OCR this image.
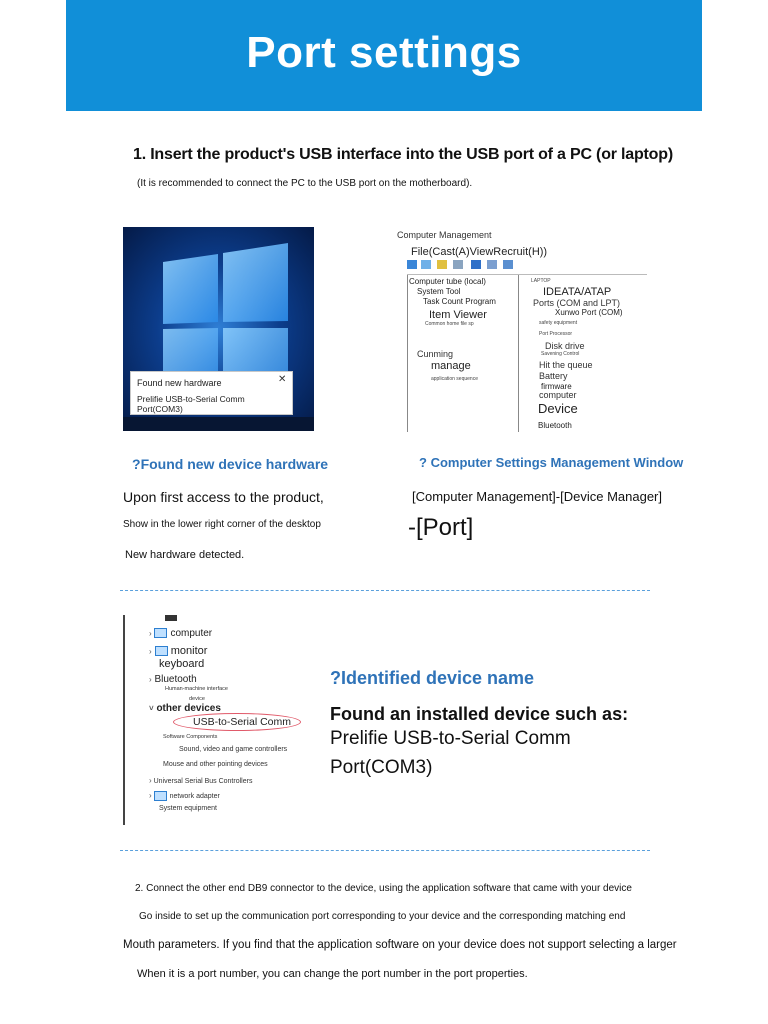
Port settings
1. Insert the product's USB interface into the USB port of a PC (or laptop)
(It is recommended to connect the PC to the USB port on the motherboard).
Found new hardware
Prelifie USB-to-Serial Comm Port(COM3)
✕
Computer Management
File(Cast(A)ViewRecruit(H))
Computer tube (local)
System Tool
Task Count Program
Item Viewer
Common home file sp
Cunming
manage
application sequence
LAPTOP
IDEATA/ATAP
Ports (COM and LPT)
Xunwo Port (COM)
safety equipment
Port Processor
Disk drive
Savening Control
Hit the queue
Battery
firmware
computer
Device
Bluetooth
?Found new device hardware
Upon first access to the product,
Show in the lower right corner of the desktop
New hardware detected.
? Computer Settings Management Window
[Computer Management]-[Device Manager]
-[Port]
› computer
› monitor
keyboard
› Bluetooth
Human-machine interface
device
˅ other devices
USB-to-Serial Comm
Software Components
Sound, video and game controllers
Mouse and other pointing devices
› Universal Serial Bus Controllers
›	network adapter
System equipment
?Identified device name
Found an installed device such as:
Prelifie USB-to-Serial Comm
Port(COM3)
2. Connect the other end DB9 connector to the device, using the application software that came with your device
Go inside to set up the communication port corresponding to your device and the corresponding matching end
Mouth parameters. If you find that the application software on your device does not support selecting a larger
When it is a port number, you can change the port number in the port properties.
